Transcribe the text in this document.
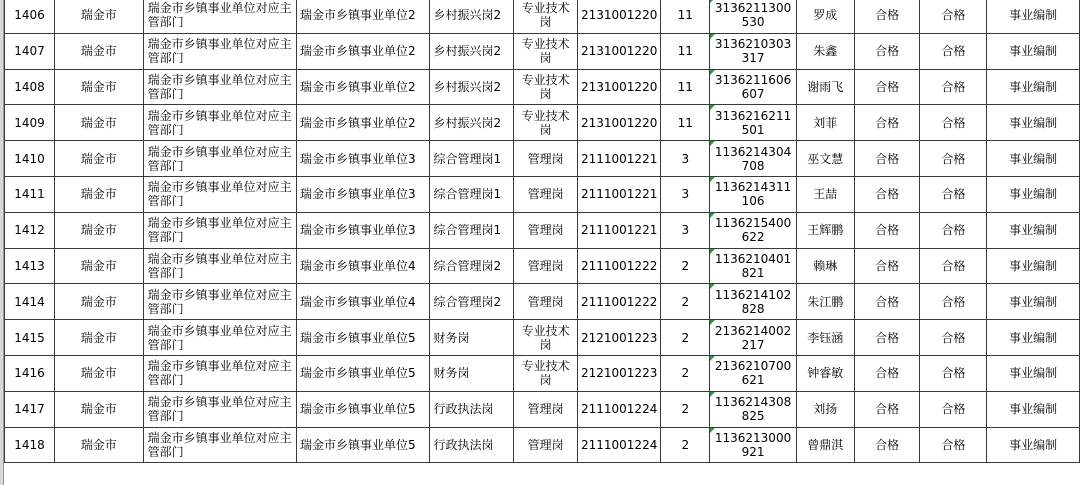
1406	瑞金市	瑞金市乡镇事业单位对应主管部门	瑞金市乡镇事业单位2	乡村振兴岗2	专业技术岗	2131001220	11	3136211300530	罗成	合格	合格	事业编制
1407	瑞金市	瑞金市乡镇事业单位对应主管部门	瑞金市乡镇事业单位2	乡村振兴岗2	专业技术岗	2131001220	11	3136210303317	朱鑫	合格	合格	事业编制
1408	瑞金市	瑞金市乡镇事业单位对应主管部门	瑞金市乡镇事业单位2	乡村振兴岗2	专业技术岗	2131001220	11	3136211606607	谢雨飞	合格	合格	事业编制
1409	瑞金市	瑞金市乡镇事业单位对应主管部门	瑞金市乡镇事业单位2	乡村振兴岗2	专业技术岗	2131001220	11	3136216211501	刘菲	合格	合格	事业编制
1410	瑞金市	瑞金市乡镇事业单位对应主管部门	瑞金市乡镇事业单位3	综合管理岗1	管理岗	2111001221	3	1136214304708	巫文慧	合格	合格	事业编制
1411	瑞金市	瑞金市乡镇事业单位对应主管部门	瑞金市乡镇事业单位3	综合管理岗1	管理岗	2111001221	3	1136214311106	王喆	合格	合格	事业编制
1412	瑞金市	瑞金市乡镇事业单位对应主管部门	瑞金市乡镇事业单位3	综合管理岗1	管理岗	2111001221	3	1136215400622	王辉鹏	合格	合格	事业编制
1413	瑞金市	瑞金市乡镇事业单位对应主管部门	瑞金市乡镇事业单位4	综合管理岗2	管理岗	2111001222	2	1136210401821	赖琳	合格	合格	事业编制
1414	瑞金市	瑞金市乡镇事业单位对应主管部门	瑞金市乡镇事业单位4	综合管理岗2	管理岗	2111001222	2	1136214102828	朱江鹏	合格	合格	事业编制
1415	瑞金市	瑞金市乡镇事业单位对应主管部门	瑞金市乡镇事业单位5	财务岗	专业技术岗	2121001223	2	2136214002217	李钰涵	合格	合格	事业编制
1416	瑞金市	瑞金市乡镇事业单位对应主管部门	瑞金市乡镇事业单位5	财务岗	专业技术岗	2121001223	2	2136210700621	钟睿敏	合格	合格	事业编制
1417	瑞金市	瑞金市乡镇事业单位对应主管部门	瑞金市乡镇事业单位5	行政执法岗	管理岗	2111001224	2	1136214308825	刘扬	合格	合格	事业编制
1418	瑞金市	瑞金市乡镇事业单位对应主管部门	瑞金市乡镇事业单位5	行政执法岗	管理岗	2111001224	2	1136213000921	曾鼎淇	合格	合格	事业编制
